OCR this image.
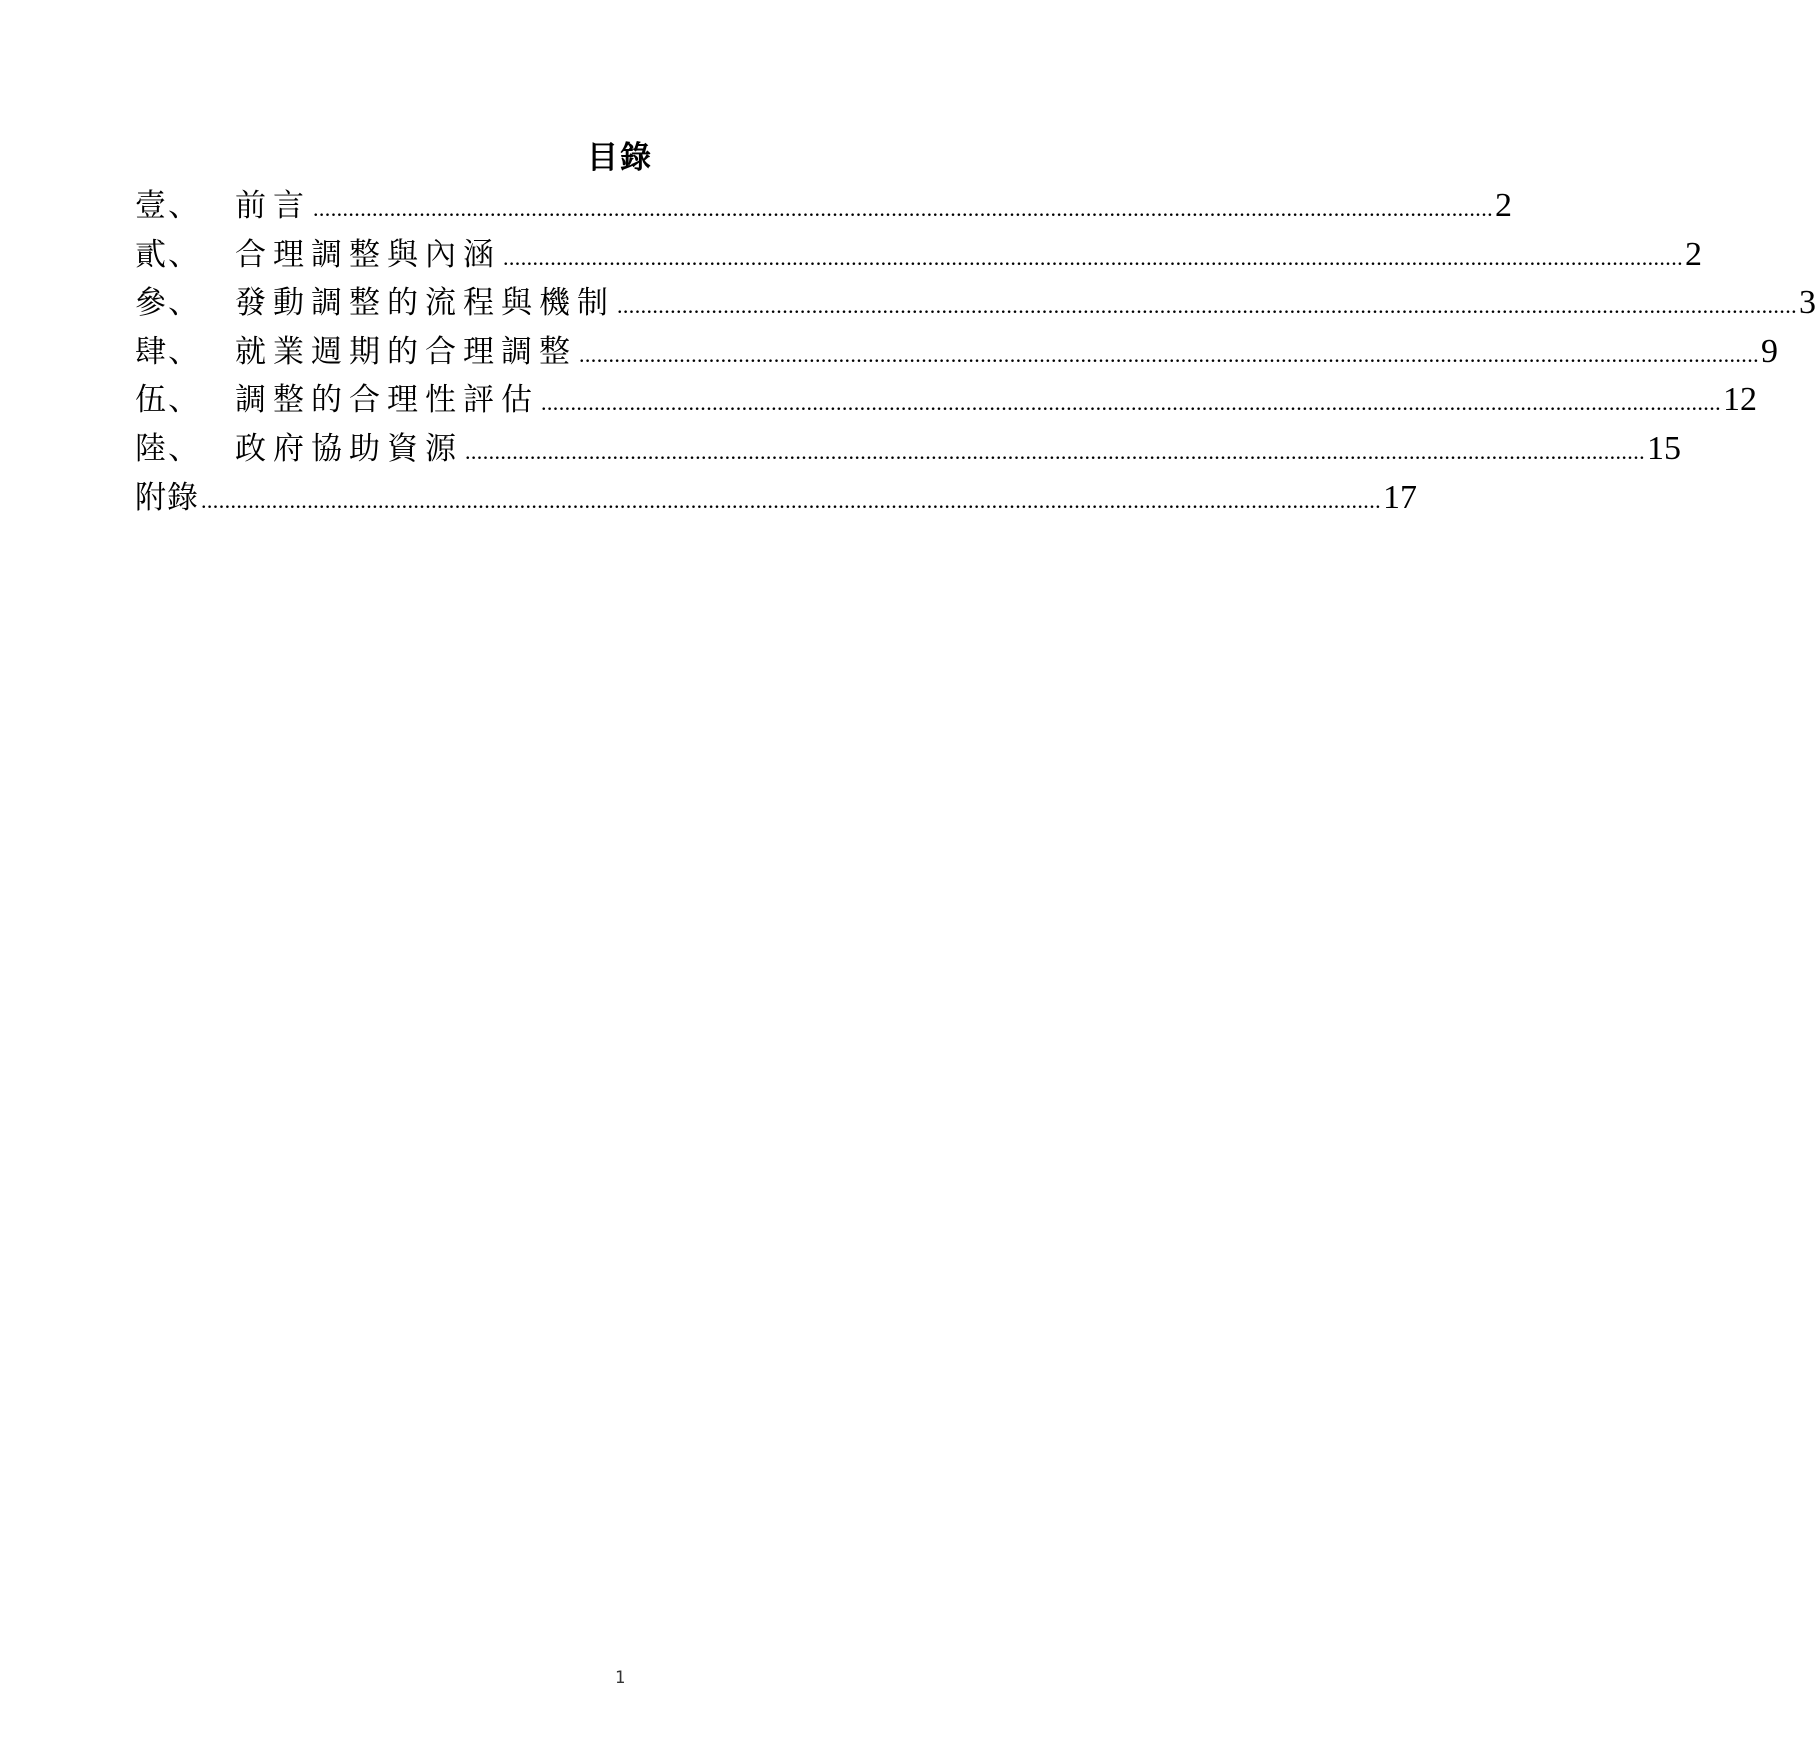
目錄
壹、	前言 ........................................................................................................................................................................................................ 2
貳、	合理調整與內涵 ........................................................................................................................................................................................................ 2
參、	發動調整的流程與機制 ........................................................................................................................................................................................................ 3
肆、	就業週期的合理調整 ........................................................................................................................................................................................................ 9
伍、	調整的合理性評估 ........................................................................................................................................................................................................ 12
陸、	政府協助資源 ........................................................................................................................................................................................................ 15
附錄 ........................................................................................................................................................................................................ 17
1
